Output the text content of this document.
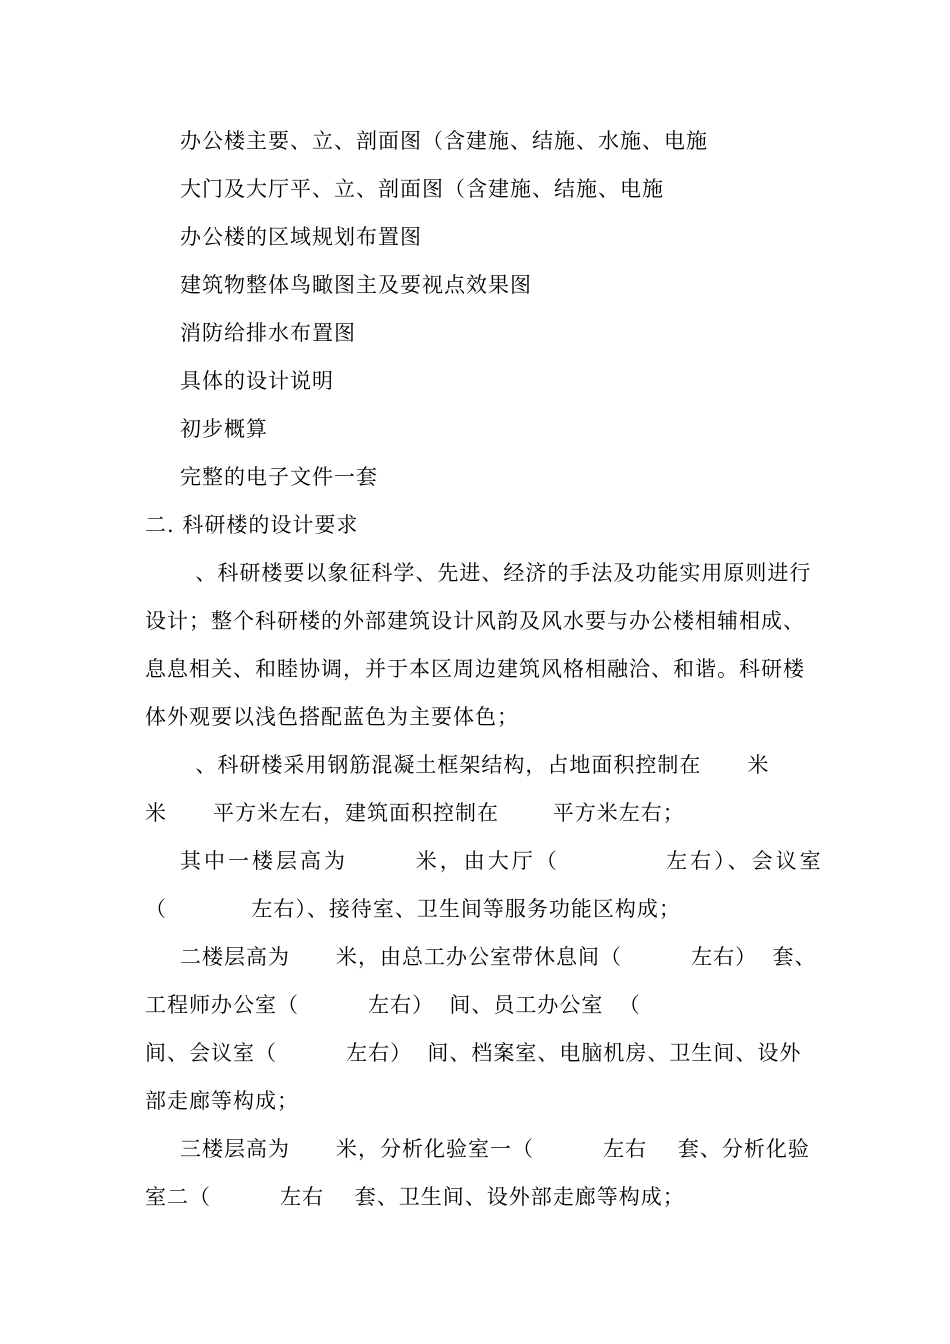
办公楼主要、立、剖面图（含建施、结施、水施、电施
大门及大厅平、立、剖面图（含建施、结施、电施
办公楼的区域规划布置图
建筑物整体鸟瞰图主及要视点效果图
消防给排水布置图
具体的设计说明
初步概算
完整的电子文件一套
二. 科研楼的设计要求
、科研楼要以象征科学、先进、经济的手法及功能实用原则进行
设计；整个科研楼的外部建筑设计风韵及风水要与办公楼相辅相成、
息息相关、和睦协调，并于本区周边建筑风格相融洽、和谐。科研楼
体外观要以浅色搭配蓝色为主要体色；
、科研楼采用钢筋混凝土框架结构，占地面积控制在      米
米      平方米左右，建筑面积控制在       平方米左右；
其中一楼层高为       米，由大厅（           左右）、会议室
（           左右）、接待室、卫生间等服务功能区构成；
二楼层高为      米，由总工办公室带休息间（         左右）  套、
工程师办公室（         左右）  间、员工办公室  （
间、会议室（         左右）  间、档案室、电脑机房、卫生间、设外
部走廊等构成；
三楼层高为      米，分析化验室一（         左右    套、分析化验
室二（         左右    套、卫生间、设外部走廊等构成；
